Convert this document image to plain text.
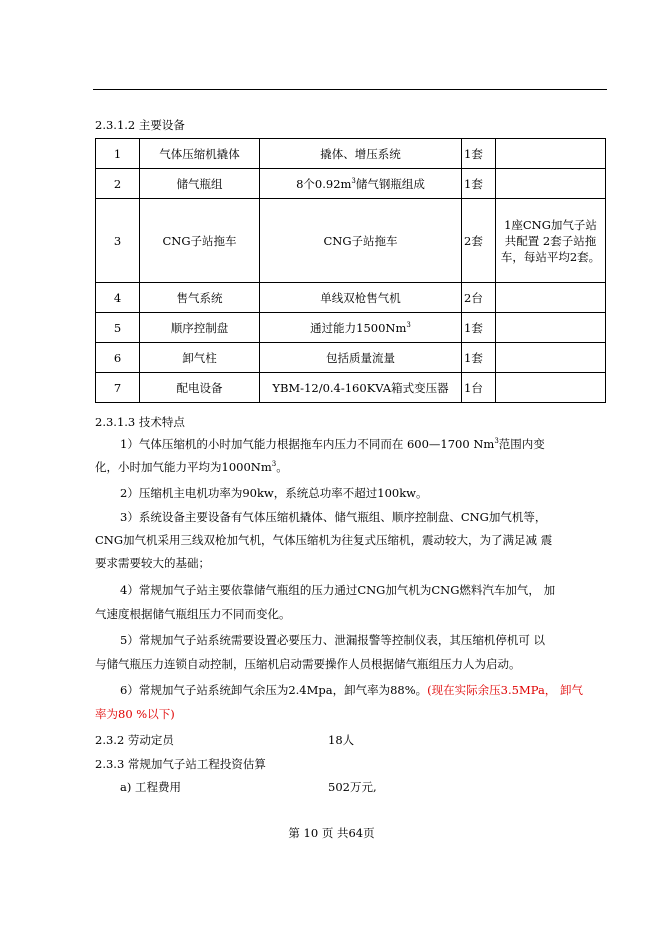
2.3.1.2 主要设备
1	气体压缩机撬体	撬体、增压系统	1套	
2	储气瓶组	8个$0.92m^3$储气钢瓶组成	1套	
3	CNG子站拖车	CNG子站拖车	2套	1座CNG加气子站共配置 2套子站拖车，每站平均2套。
4	售气系统	单线双枪售气机	2台	
5	顺序控制盘	通过能力1500Nm$^3$	1套	
6	卸气柱	包括质量流量	1套	
7	配电设备	YBM-12/0.4-160KVA箱式变压器	1台	
2.3.1.3 技术特点
1）气体压缩机的小时加气能力根据拖车内压力不同而在 600—1700 Nm$^3$范围内变
化，小时加气能力平均为1000Nm$^3$。
2）压缩机主电机功率为90kw，系统总功率不超过100kw。
3）系统设备主要设备有气体压缩机撬体、储气瓶组、顺序控制盘、CNG加气机等，
CNG加气机采用三线双枪加气机，气体压缩机为往复式压缩机，震动较大，为了满足减 震
要求需要较大的基础；
4）常规加气子站主要依靠储气瓶组的压力通过CNG加气机为CNG燃料汽车加气， 加
气速度根据储气瓶组压力不同而变化。
5）常规加气子站系统需要设置必要压力、泄漏报警等控制仪表，其压缩机停机可 以
与储气瓶压力连锁自动控制，压缩机启动需要操作人员根据储气瓶组压力人为启动。
6）常规加气子站系统卸气余压为2.4Mpa，卸气率为88%。(现在实际余压3.5MPa， 卸气
率为80 %以下)
2.3.2 劳动定员	18人
2.3.3 常规加气子站工程投资估算
a) 工程费用	502万元,
第 10 页 共64页
